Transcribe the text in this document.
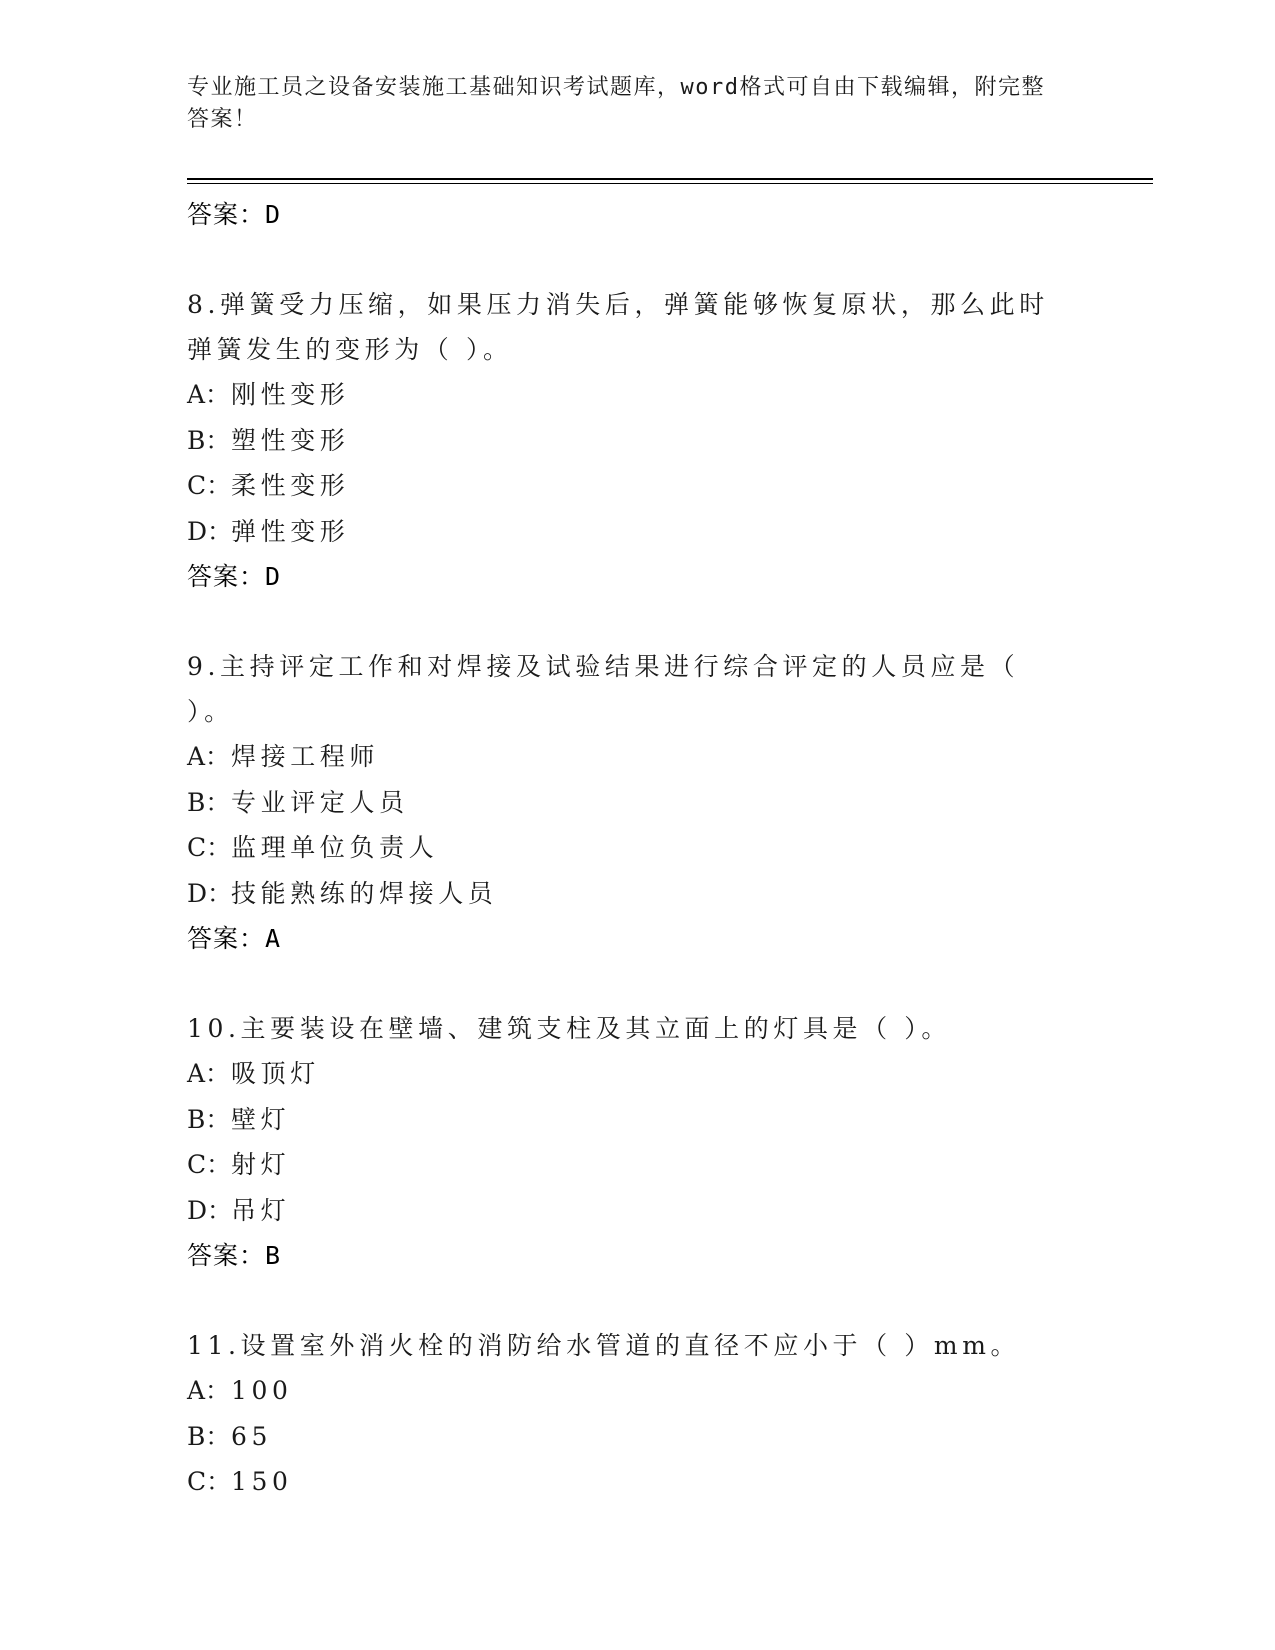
专业施工员之设备安装施工基础知识考试题库，word格式可自由下载编辑，附完整答案！
答案：D
8.弹簧受力压缩，如果压力消失后，弹簧能够恢复原状，那么此时弹簧发生的变形为（ ）。
A：刚性变形
B：塑性变形
C：柔性变形
D：弹性变形
答案：D
9.主持评定工作和对焊接及试验结果进行综合评定的人员应是（ ）。
A：焊接工程师
B：专业评定人员
C：监理单位负责人
D：技能熟练的焊接人员
答案：A
10.主要装设在壁墙、建筑支柱及其立面上的灯具是（ ）。
A：吸顶灯
B：壁灯
C：射灯
D：吊灯
答案：B
11.设置室外消火栓的消防给水管道的直径不应小于（ ）mm。
A：100
B：65
C：150
